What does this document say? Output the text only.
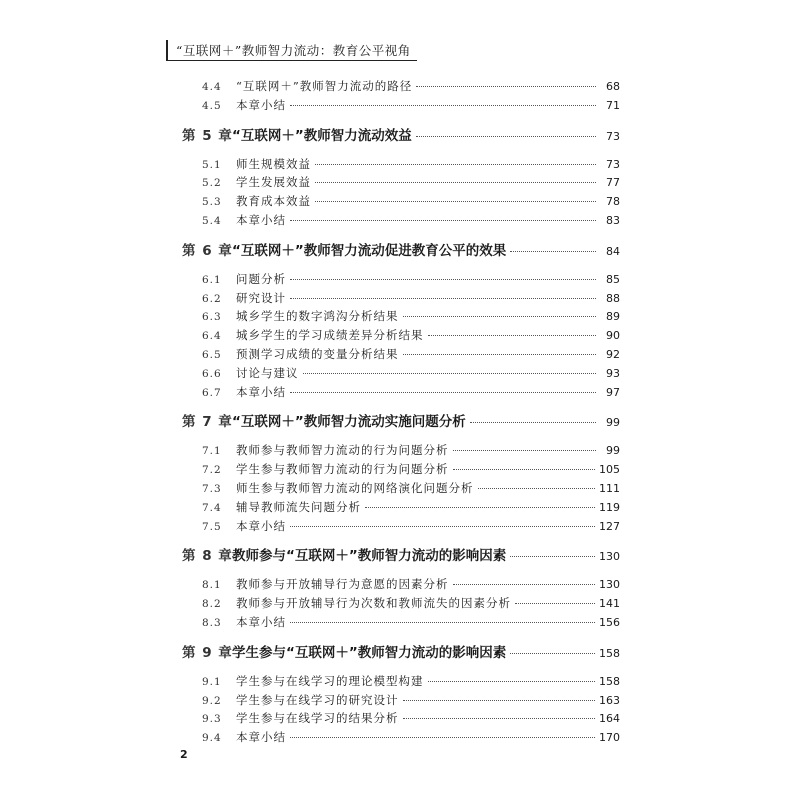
“互联网＋”教师智力流动：教育公平视角
4.4	“互联网＋”教师智力流动的路径	68
4.5	本章小结	71
第 5 章 “互联网＋”教师智力流动效益	73
5.1	师生规模效益	73
5.2	学生发展效益	77
5.3	教育成本效益	78
5.4	本章小结	83
第 6 章 “互联网＋”教师智力流动促进教育公平的效果	84
6.1	问题分析	85
6.2	研究设计	88
6.3	城乡学生的数字鸿沟分析结果	89
6.4	城乡学生的学习成绩差异分析结果	90
6.5	预测学习成绩的变量分析结果	92
6.6	讨论与建议	93
6.7	本章小结	97
第 7 章 “互联网＋”教师智力流动实施问题分析	99
7.1	教师参与教师智力流动的行为问题分析	99
7.2	学生参与教师智力流动的行为问题分析	105
7.3	师生参与教师智力流动的网络演化问题分析	111
7.4	辅导教师流失问题分析	119
7.5	本章小结	127
第 8 章 教师参与“互联网＋”教师智力流动的影响因素	130
8.1	教师参与开放辅导行为意愿的因素分析	130
8.2	教师参与开放辅导行为次数和教师流失的因素分析	141
8.3	本章小结	156
第 9 章 学生参与“互联网＋”教师智力流动的影响因素	158
9.1	学生参与在线学习的理论模型构建	158
9.2	学生参与在线学习的研究设计	163
9.3	学生参与在线学习的结果分析	164
9.4	本章小结	170
2
